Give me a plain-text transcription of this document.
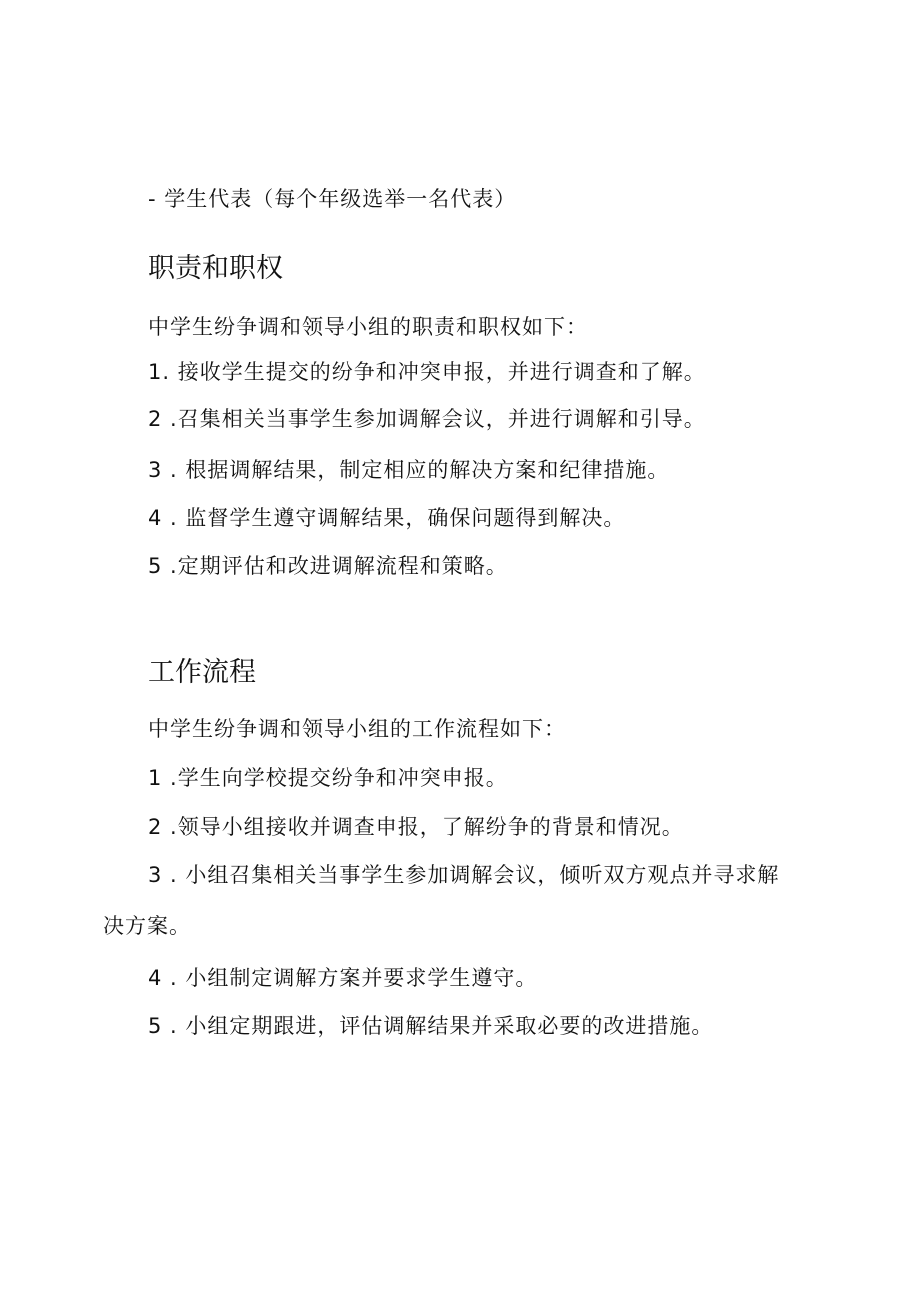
- 学生代表（每个年级选举一名代表）
职责和职权
中学生纷争调和领导小组的职责和职权如下：
1. 接收学生提交的纷争和冲突申报，并进行调查和了解。
2 .召集相关当事学生参加调解会议，并进行调解和引导。
3 . 根据调解结果，制定相应的解决方案和纪律措施。
4 . 监督学生遵守调解结果，确保问题得到解决。
5 .定期评估和改进调解流程和策略。
工作流程
中学生纷争调和领导小组的工作流程如下：
1 .学生向学校提交纷争和冲突申报。
2 .领导小组接收并调查申报，了解纷争的背景和情况。
3 . 小组召集相关当事学生参加调解会议，倾听双方观点并寻求解
决方案。
4 . 小组制定调解方案并要求学生遵守。
5 . 小组定期跟进，评估调解结果并采取必要的改进措施。
